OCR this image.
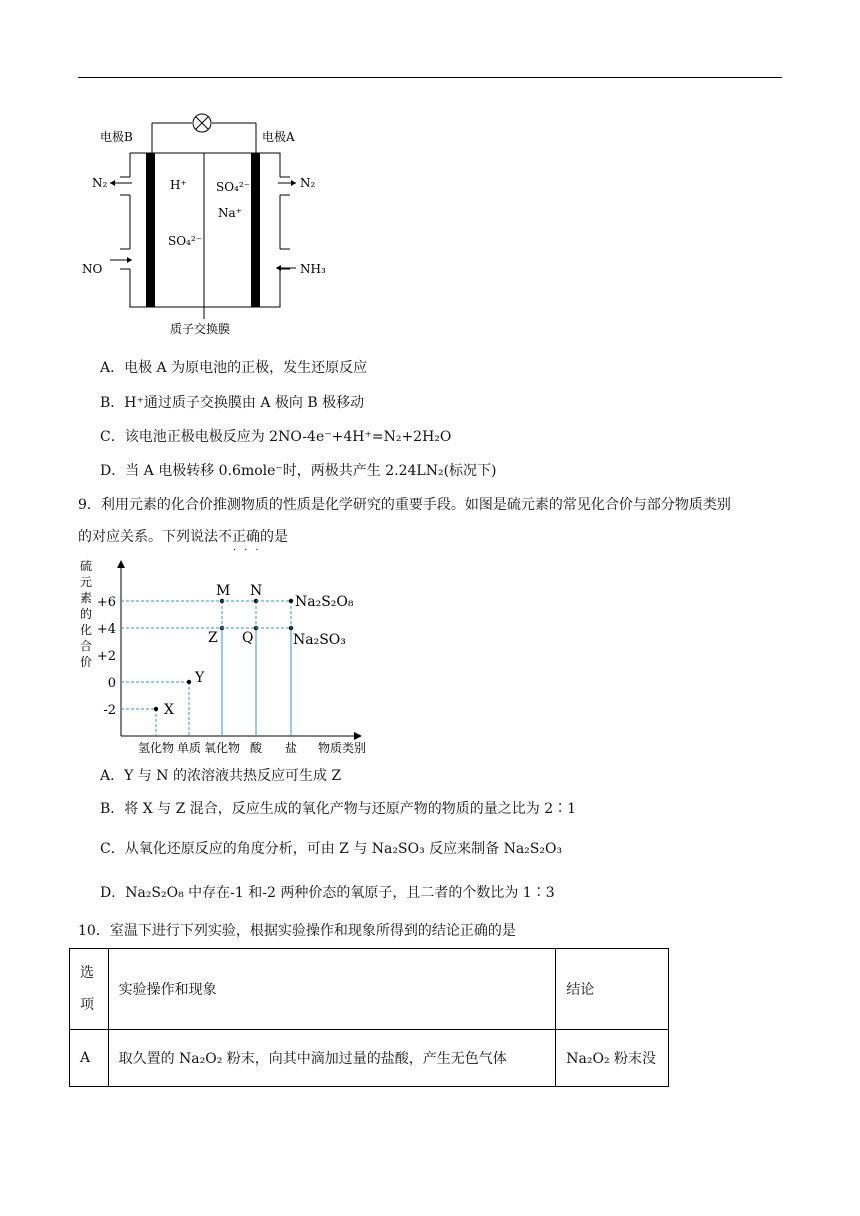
电极B	电极A
N₂	N₂
H⁺
SO₄²⁻
SO₄²⁻
Na⁺
NO	NH₃
质子交换膜
A．电极 A 为原电池的正极，发生还原反应
B．H⁺通过质子交换膜由 A 极向 B 极移动
C．该电池正极电极反应为 2NO-4e⁻+4H⁺=N₂+2H₂O
D．当 A 电极转移 0.6mole⁻时，两极共产生 2.24LN₂(标况下)
9．利用元素的化合价推测物质的性质是化学研究的重要手段。如图是硫元素的常见化合价与部分物质类别
的对应关系。下列说法不正确的是
···
硫
元
素
的
化
合
价
物质类别
+6
+4
+2
0
-2
氢化物 单质 氧化物 酸 盐
X
Y
Z
M
Q
N
Na₂SO₃
Na₂S₂O₈
A．Y 与 N 的浓溶液共热反应可生成 Z
B．将 X 与 Z 混合，反应生成的氧化产物与还原产物的物质的量之比为 2∶1
C．从氧化还原反应的角度分析，可由 Z 与 Na₂SO₃ 反应来制备 Na₂S₂O₃
D．Na₂S₂O₈ 中存在-1 和-2 两种价态的氧原子，且二者的个数比为 1∶3
10．室温下进行下列实验，根据实验操作和现象所得到的结论正确的是
选项	实验操作和现象	结论
A	取久置的 Na₂O₂ 粉末，向其中滴加过量的盐酸，产生无色气体	Na₂O₂ 粉末没
